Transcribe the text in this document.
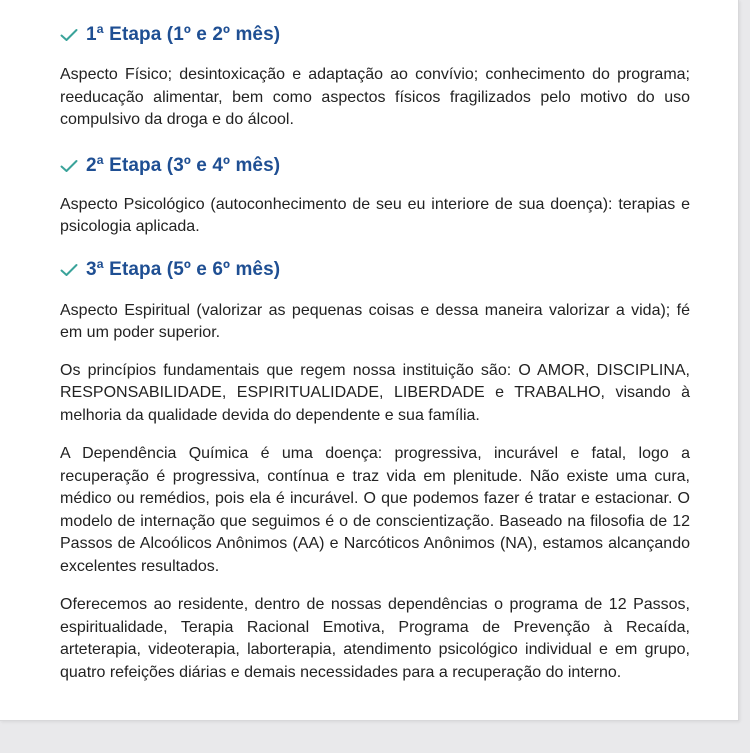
1ª Etapa (1º e 2º mês)

Aspecto Físico; desintoxicação e adaptação ao convívio; conhecimento do programa; reeducação alimentar, bem como aspectos físicos fragilizados pelo motivo do uso compulsivo da droga e do álcool.

2ª Etapa (3º e 4º mês)

Aspecto Psicológico (autoconhecimento de seu eu interiore de sua doença): terapias e psicologia aplicada.

3ª Etapa (5º e 6º mês)

Aspecto Espiritual (valorizar as pequenas coisas e dessa maneira valorizar a vida); fé em um poder superior.

Os princípios fundamentais que regem nossa instituição são: O AMOR, DISCIPLINA, RESPONSABILIDADE, ESPIRITUALIDADE, LIBERDADE e TRABALHO, visando à melhoria da qualidade devida do dependente e sua família.

A Dependência Química é uma doença: progressiva, incurável e fatal, logo a recuperação é progressiva, contínua e traz vida em plenitude. Não existe uma cura, médico ou remédios, pois ela é incurável. O que podemos fazer é tratar e estacionar. O modelo de internação que seguimos é o de conscientização. Baseado na filosofia de 12 Passos de Alcoólicos Anônimos (AA) e Narcóticos Anônimos (NA), estamos alcançando excelentes resultados.

Oferecemos ao residente, dentro de nossas dependências o programa de 12 Passos, espiritualidade, Terapia Racional Emotiva, Programa de Prevenção à Recaída, arteterapia, videoterapia, laborterapia, atendimento psicológico individual e em grupo, quatro refeições diárias e demais necessidades para a recuperação do interno.
